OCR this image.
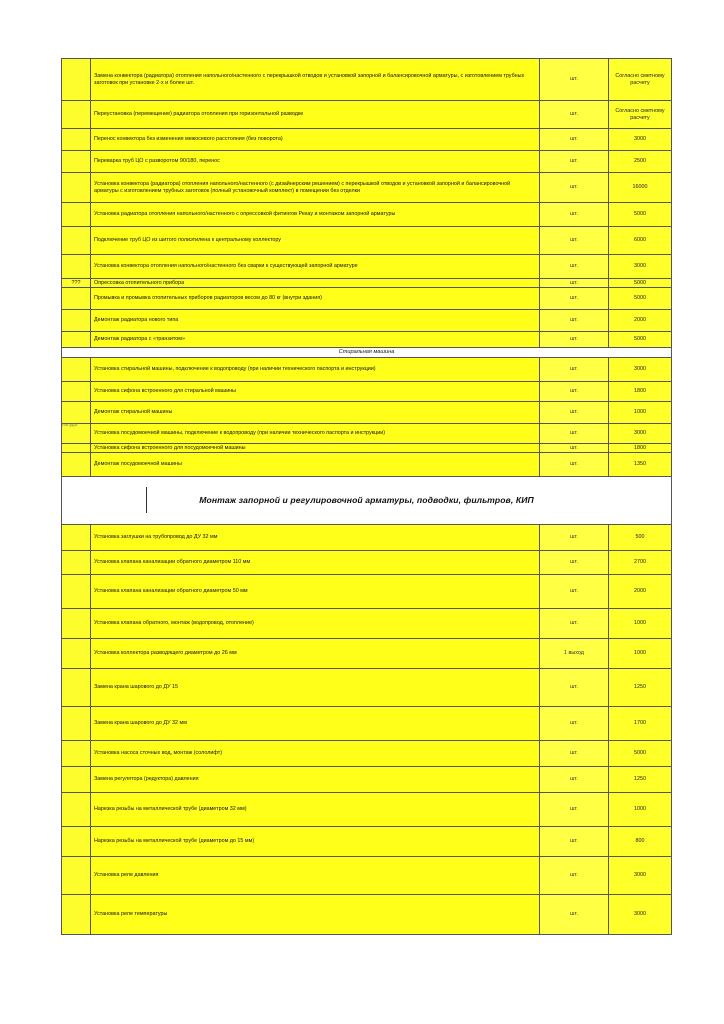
	Замена конвектора (радиатора) отопления напольного/настенного с перекрышкой отводов и установкой запорной и балансировочной арматуры, с изготовлением трубных заготовок при установке 2-х и более шт.	шт.	Согласно сметному расчету
	Переустановка (перемещение) радиатора отопления при горизонтальной разводке	шт.	Согласно сметному расчету
	Перенос конвектора без изменения межосевого расстояния (без поворота)	шт.	3000
	Переварка труб ЦО с разворотом 90/180, перенос	шт.	2500
	Установка конвектора (радиатора) отопления напольного/настенного (с дизайнерским решением) с перекрышкой отводов и установкой запорной и балансировочной арматуры с изготовлением трубных заготовок (полный установочный комплект) в помещении без отделки	шт.	16000
	Установка радиатора отопления напольного/настенного с опрессовкой фитингов Рехау и монтажом запорной арматуры	шт.	5000
	Подключение труб ЦО из шитого полиэтилена к центральному коллектору	шт.	6000
	Установка конвектора отопления напольного/настенного без сварки к существующей запорной арматуре	шт.	3000
???	Опрессовка отопительного прибора	шт.	5000
	Промывка и промывка отопительных приборов радиаторов весом до 80 кг (внутри здания)	шт.	5000
	Демонтаж радиатора нового типа	шт.	2000
	Демонтаж радиатора с «транзитом»	шт.	5000
Стиральная машина			
	Установка стиральной машины, подключение к водопроводу (при наличии технического паспорта и инструкции)	шт.	3000
	Установка сифона встроенного для стиральной машины	шт.	1800
	Демонтаж стиральной машины	шт.	1000
	Установка посудомоечной машины, подключение к водопроводу (при наличии технического паспорта и инструкции)	шт.	3000
	Установка сифона встроенного для посудомоечной машины	шт.	1800
	Демонтаж посудомоечной машины	шт.	1350

Монтаж запорной и регулировочной арматуры, подводки, фильтров, КИП			
	Установка заглушки на трубопровод до ДУ 32 мм	шт.	500
	Установка клапана канализации обратного диаметром 110 мм	шт.	2700
	Установка клапана канализации обратного диаметром 50 мм	шт.	2000
	Установка клапана обратного, монтаж (водопровод, отопление)	шт.	1000
	Установка коллектора разводящего диаметром до 26 мм	1 выход	1000
	Замена крана шарового до ДУ 15	шт.	1250
	Замена крана шарового до ДУ 32 мм	шт.	1700
	Установка насоса сточных вод, монтаж (сололифт)	шт.	5000
	Замена регулятора (редуктора) давления	шт.	1250
	Нарезка резьбы на металлической трубе (диаметром 32 мм)	шт.	1000
	Нарезка резьбы на металлической трубе (диаметром до 15 мм)	шт.	800
	Установка реле давления	шт.	3000
	Установка реле температуры	шт.	3000
посудо
